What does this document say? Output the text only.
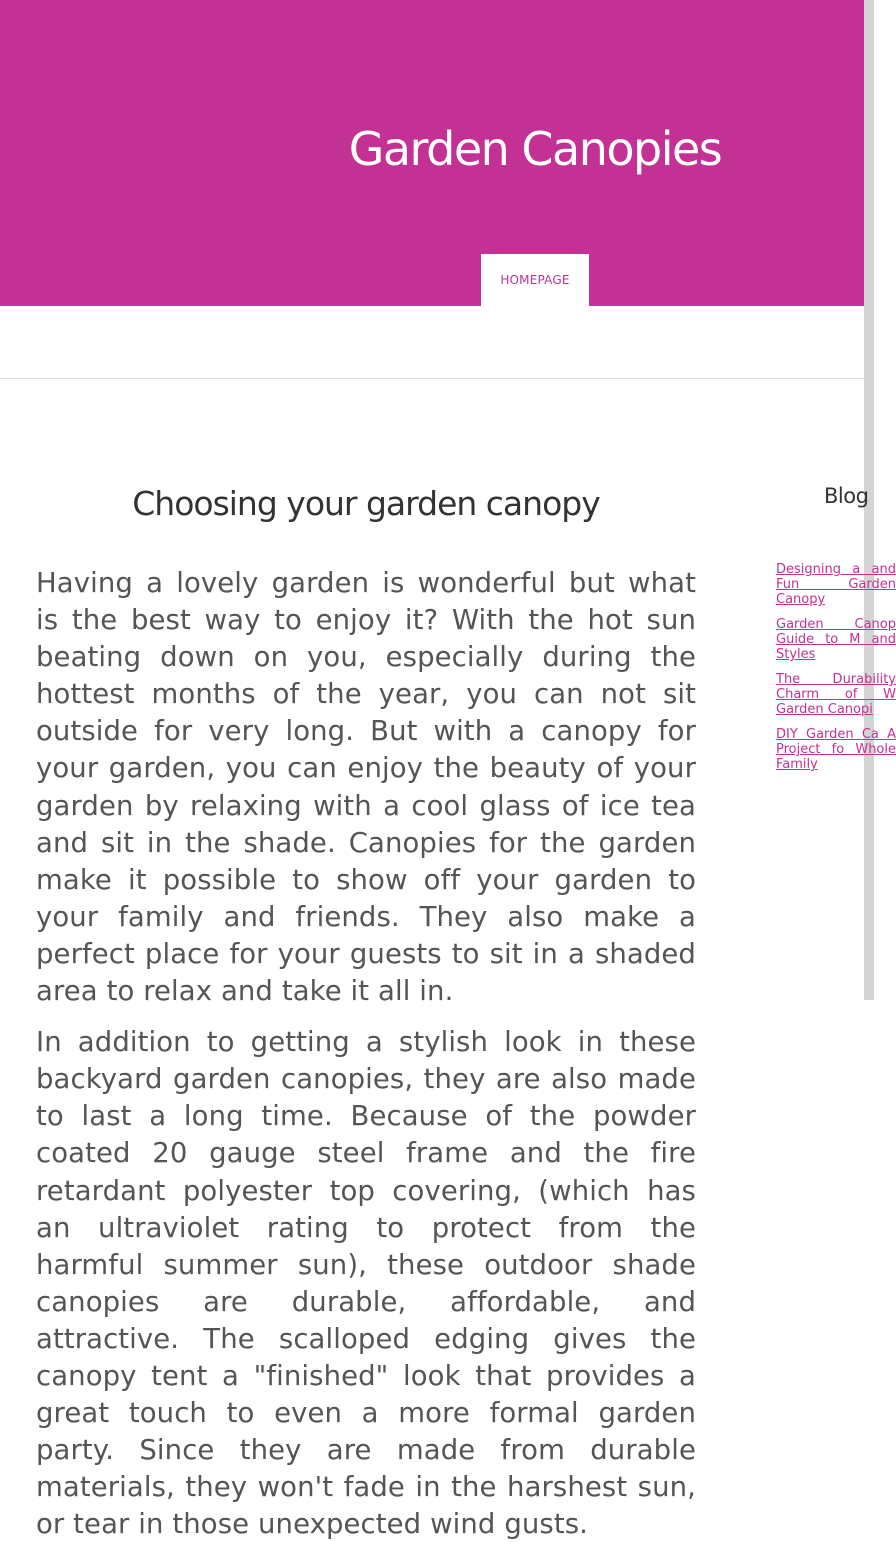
Garden Canopies
HOMEPAGE
Choosing your garden canopy

Having a lovely garden is wonderful but what is the best way to enjoy it? With the hot sun beating down on you, especially during the hottest months of the year, you can not sit outside for very long. But with a canopy for your garden, you can enjoy the beauty of your garden by relaxing with a cool glass of ice tea and sit in the shade. Canopies for the garden make it possible to show off your garden to your family and friends. They also make a perfect place for your guests to sit in a shaded area to relax and take it all in.

In addition to getting a stylish look in these backyard garden canopies, they are also made to last a long time. Because of the powder coated 20 gauge steel frame and the fire retardant polyester top covering, (which has an ultraviolet rating to protect from the harmful summer sun), these outdoor shade canopies are durable, affordable, and attractive. The scalloped edging gives the canopy tent a "finished" look that provides a great touch to even a more formal garden party. Since they are made from durable materials, they won't fade in the harshest sun, or tear in those unexpected wind gusts.

Blog
Designing a and Fun Garden Canopy
Garden Canop Guide to M and Styles
The Durability Charm of W Garden Canopi
DIY Garden Ca A Project fo Whole Family
